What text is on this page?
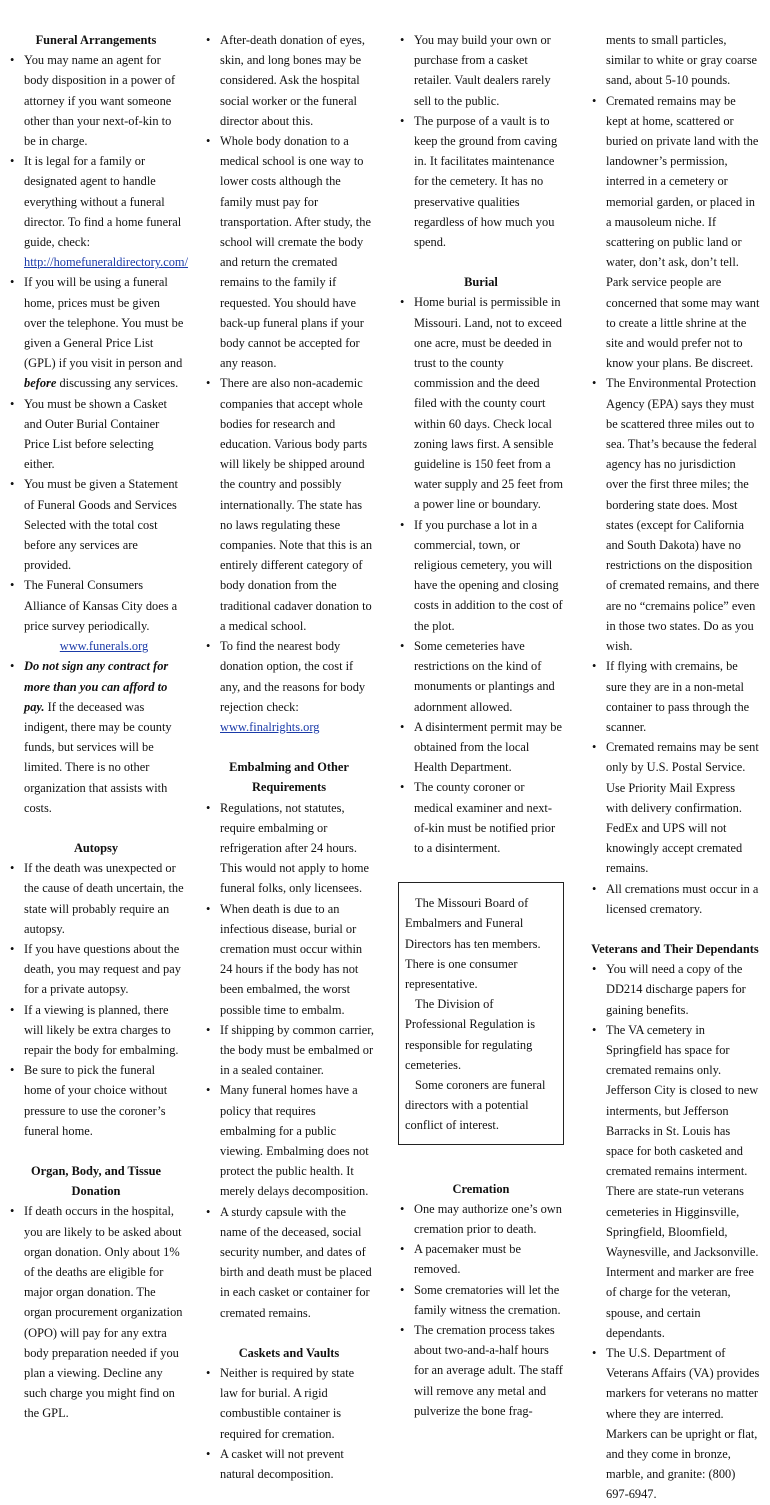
Funeral Arrangements
• You may name an agent for body disposition in a power of attorney if you want someone other than your next-of-kin to be in charge.
• It is legal for a family or designated agent to handle everything without a funeral director. To find a home funeral guide, check:
http://homefuneraldirectory.com/
• If you will be using a funeral home, prices must be given over the telephone. You must be given a General Price List (GPL) if you visit in person and before discussing any services.
• You must be shown a Casket and Outer Burial Container Price List before selecting either.
• You must be given a Statement of Funeral Goods and Services Selected with the total cost before any services are provided.
• The Funeral Consumers Alliance of Kansas City does a price survey periodically.
www.funerals.org
• Do not sign any contract for more than you can afford to pay. If the deceased was indigent, there may be county funds, but services will be limited. There is no other organization that assists with costs.
Autopsy
• If the death was unexpected or the cause of death uncertain, the state will probably require an autopsy.
• If you have questions about the death, you may request and pay for a private autopsy.
• If a viewing is planned, there will likely be extra charges to repair the body for embalming.
• Be sure to pick the funeral home of your choice without pressure to use the coroner’s funeral home.
Organ, Body, and Tissue Donation
• If death occurs in the hospital, you are likely to be asked about organ donation. Only about 1% of the deaths are eligible for major organ donation. The organ procurement organization (OPO) will pay for any extra body preparation needed if you plan a viewing. Decline any such charge you might find on the GPL.
• After-death donation of eyes, skin, and long bones may be considered. Ask the hospital social worker or the funeral director about this.
• Whole body donation to a medical school is one way to lower costs although the family must pay for transportation. After study, the school will cremate the body and return the cremated remains to the family if requested. You should have back-up funeral plans if your body cannot be accepted for any reason.
• There are also non-academic companies that accept whole bodies for research and education. Various body parts will likely be shipped around the country and possibly internationally. The state has no laws regulating these companies. Note that this is an entirely different category of body donation from the traditional cadaver donation to a medical school.
• To find the nearest body donation option, the cost if any, and the reasons for body rejection check: www.finalrights.org
Embalming and Other Requirements
• Regulations, not statutes, require embalming or refrigeration after 24 hours. This would not apply to home funeral folks, only licensees.
• When death is due to an infectious disease, burial or cremation must occur within 24 hours if the body has not been embalmed, the worst possible time to embalm.
• If shipping by common carrier, the body must be embalmed or in a sealed container.
• Many funeral homes have a policy that requires embalming for a public viewing. Embalming does not protect the public health. It merely delays decomposition.
• A sturdy capsule with the name of the deceased, social security number, and dates of birth and death must be placed in each casket or container for cremated remains.
Caskets and Vaults
• Neither is required by state law for burial. A rigid combustible container is required for cremation.
• A casket will not prevent natural decomposition.
• You may build your own or purchase from a casket retailer. Vault dealers rarely sell to the public.
• The purpose of a vault is to keep the ground from caving in. It facilitates maintenance for the cemetery. It has no preservative qualities regardless of how much you spend.
Burial
• Home burial is permissible in Missouri. Land, not to exceed one acre, must be deeded in trust to the county commission and the deed filed with the county court within 60 days. Check local zoning laws first. A sensible guideline is 150 feet from a water supply and 25 feet from a power line or boundary.
• If you purchase a lot in a commercial, town, or religious cemetery, you will have the opening and closing costs in addition to the cost of the plot.
• Some cemeteries have restrictions on the kind of monuments or plantings and adornment allowed.
• A disinterment permit may be obtained from the local Health Department.
• The county coroner or medical examiner and next-of-kin must be notified prior to a disinterment.

The Missouri Board of Embalmers and Funeral Directors has ten members. There is one consumer representative.

The Division of Professional Regulation is responsible for regulating cemeteries.

Some coroners are funeral directors with a potential conflict of interest.

Cremation
• One may authorize one’s own cremation prior to death.
• A pacemaker must be removed.
• Some crematories will let the family witness the cremation.
• The cremation process takes about two-and-a-half hours for an average adult. The staff will remove any metal and pulverize the bone frag-
ments to small particles, similar to white or gray coarse sand, about 5-10 pounds.
• Cremated remains may be kept at home, scattered or buried on private land with the landowner’s permission, interred in a cemetery or memorial garden, or placed in a mausoleum niche. If scattering on public land or water, don’t ask, don’t tell. Park service people are concerned that some may want to create a little shrine at the site and would prefer not to know your plans. Be discreet.
• The Environmental Protection Agency (EPA) says they must be scattered three miles out to sea. That’s because the federal agency has no jurisdiction over the first three miles; the bordering state does. Most states (except for California and South Dakota) have no restrictions on the disposition of cremated remains, and there are no “cremains police” even in those two states. Do as you wish.
• If flying with cremains, be sure they are in a non-metal container to pass through the scanner.
• Cremated remains may be sent only by U.S. Postal Service. Use Priority Mail Express with delivery confirmation. FedEx and UPS will not knowingly accept cremated remains.
• All cremations must occur in a licensed crematory.
Veterans and Their Dependants
• You will need a copy of the DD214 discharge papers for gaining benefits.
• The VA cemetery in Springfield has space for cremated remains only. Jefferson City is closed to new interments, but Jefferson Barracks in St. Louis has space for both casketed and cremated remains interment. There are state-run veterans cemeteries in Higginsville, Springfield, Bloomfield, Waynesville, and Jacksonville. Interment and marker are free of charge for the veteran, spouse, and certain dependants.
• The U.S. Department of Veterans Affairs (VA) provides markers for veterans no matter where they are interred. Markers can be upright or flat, and they come in bronze, marble, and granite: (800) 697-6947.
